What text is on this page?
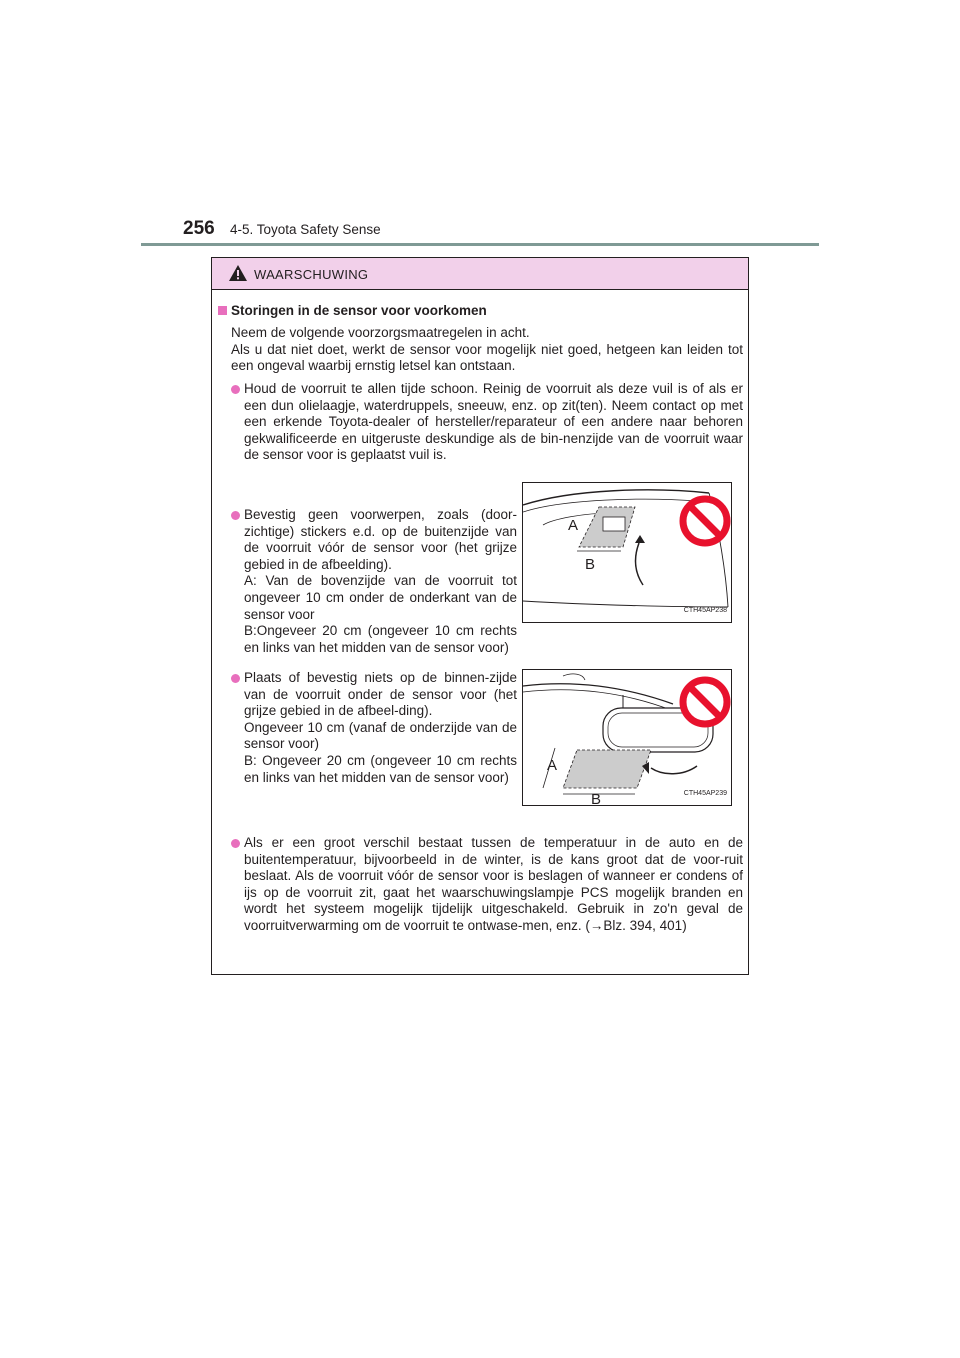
256 4-5. Toyota Safety Sense
WAARSCHUWING
Storingen in de sensor voor voorkomen
Neem de volgende voorzorgsmaatregelen in acht.
Als u dat niet doet, werkt de sensor voor mogelijk niet goed, hetgeen kan leiden tot een ongeval waarbij ernstig letsel kan ontstaan.
Houd de voorruit te allen tijde schoon. Reinig de voorruit als deze vuil is of als er een dun olielaagje, waterdruppels, sneeuw, enz. op zit(ten). Neem contact op met een erkende Toyota-dealer of hersteller/reparateur of een andere naar behoren gekwalificeerde en uitgeruste deskundige als de bin-nenzijde van de voorruit waar de sensor voor is geplaatst vuil is.
Bevestig geen voorwerpen, zoals (door-zichtige) stickers e.d. op de buitenzijde van de voorruit vóór de sensor voor (het grijze gebied in de afbeelding).
A: Van de bovenzijde van de voorruit tot ongeveer 10 cm onder de onderkant van de sensor voor
B:Ongeveer 20 cm (ongeveer 10 cm rechts en links van het midden van de sensor voor)
A
B
CTH45AP238
Plaats of bevestig niets op de binnen-zijde van de voorruit onder de sensor voor (het grijze gebied in de afbeel-ding).
Ongeveer 10 cm (vanaf de onderzijde van de sensor voor)
B: Ongeveer 20 cm (ongeveer 10 cm rechts en links van het midden van de sensor voor)
A
B	CTH45AP239
Als er een groot verschil bestaat tussen de temperatuur in de auto en de buitentemperatuur, bijvoorbeeld in de winter, is de kans groot dat de voor-ruit beslaat. Als de voorruit vóór de sensor voor is beslagen of wanneer er condens of ijs op de voorruit zit, gaat het waarschuwingslampje PCS mogelijk branden en wordt het systeem mogelijk tijdelijk uitgeschakeld. Gebruik in zo'n geval de voorruitverwarming om de voorruit te ontwase-men, enz. (→Blz. 394, 401)
